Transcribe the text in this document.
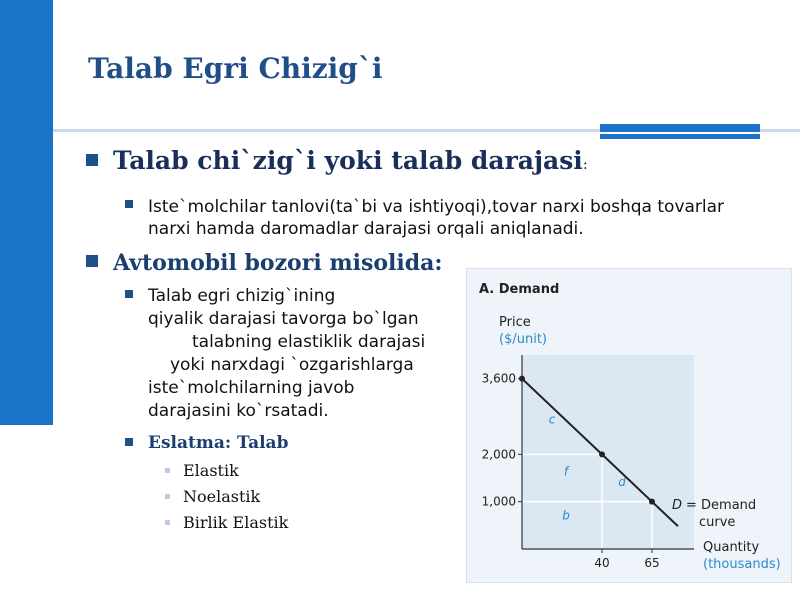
Talab Egri Chizig`i
Talab chi`zig`i yoki talab darajasi:
Iste`molchilar tanlovi(ta`bi va ishtiyoqi),tovar narxi boshqa tovarlar narxi hamda daromadlar darajasi orqali aniqlanadi.
Avtomobil bozori misolida:
Talab egri chizig`ining
qiyalik darajasi tavorga bo`lgan
talabning elastiklik darajasi
yoki narxdagi `ozgarishlarga
iste`molchilarning javob
darajasini ko`rsatadi.
Eslatma: Talab
Elastik
Noelastik
Birlik Elastik
c
f
d
b
3,600
2,000
1,000
40	65
A. Demand
Price
($/unit)
Quantity
(thousands)
D = Demand
curve
